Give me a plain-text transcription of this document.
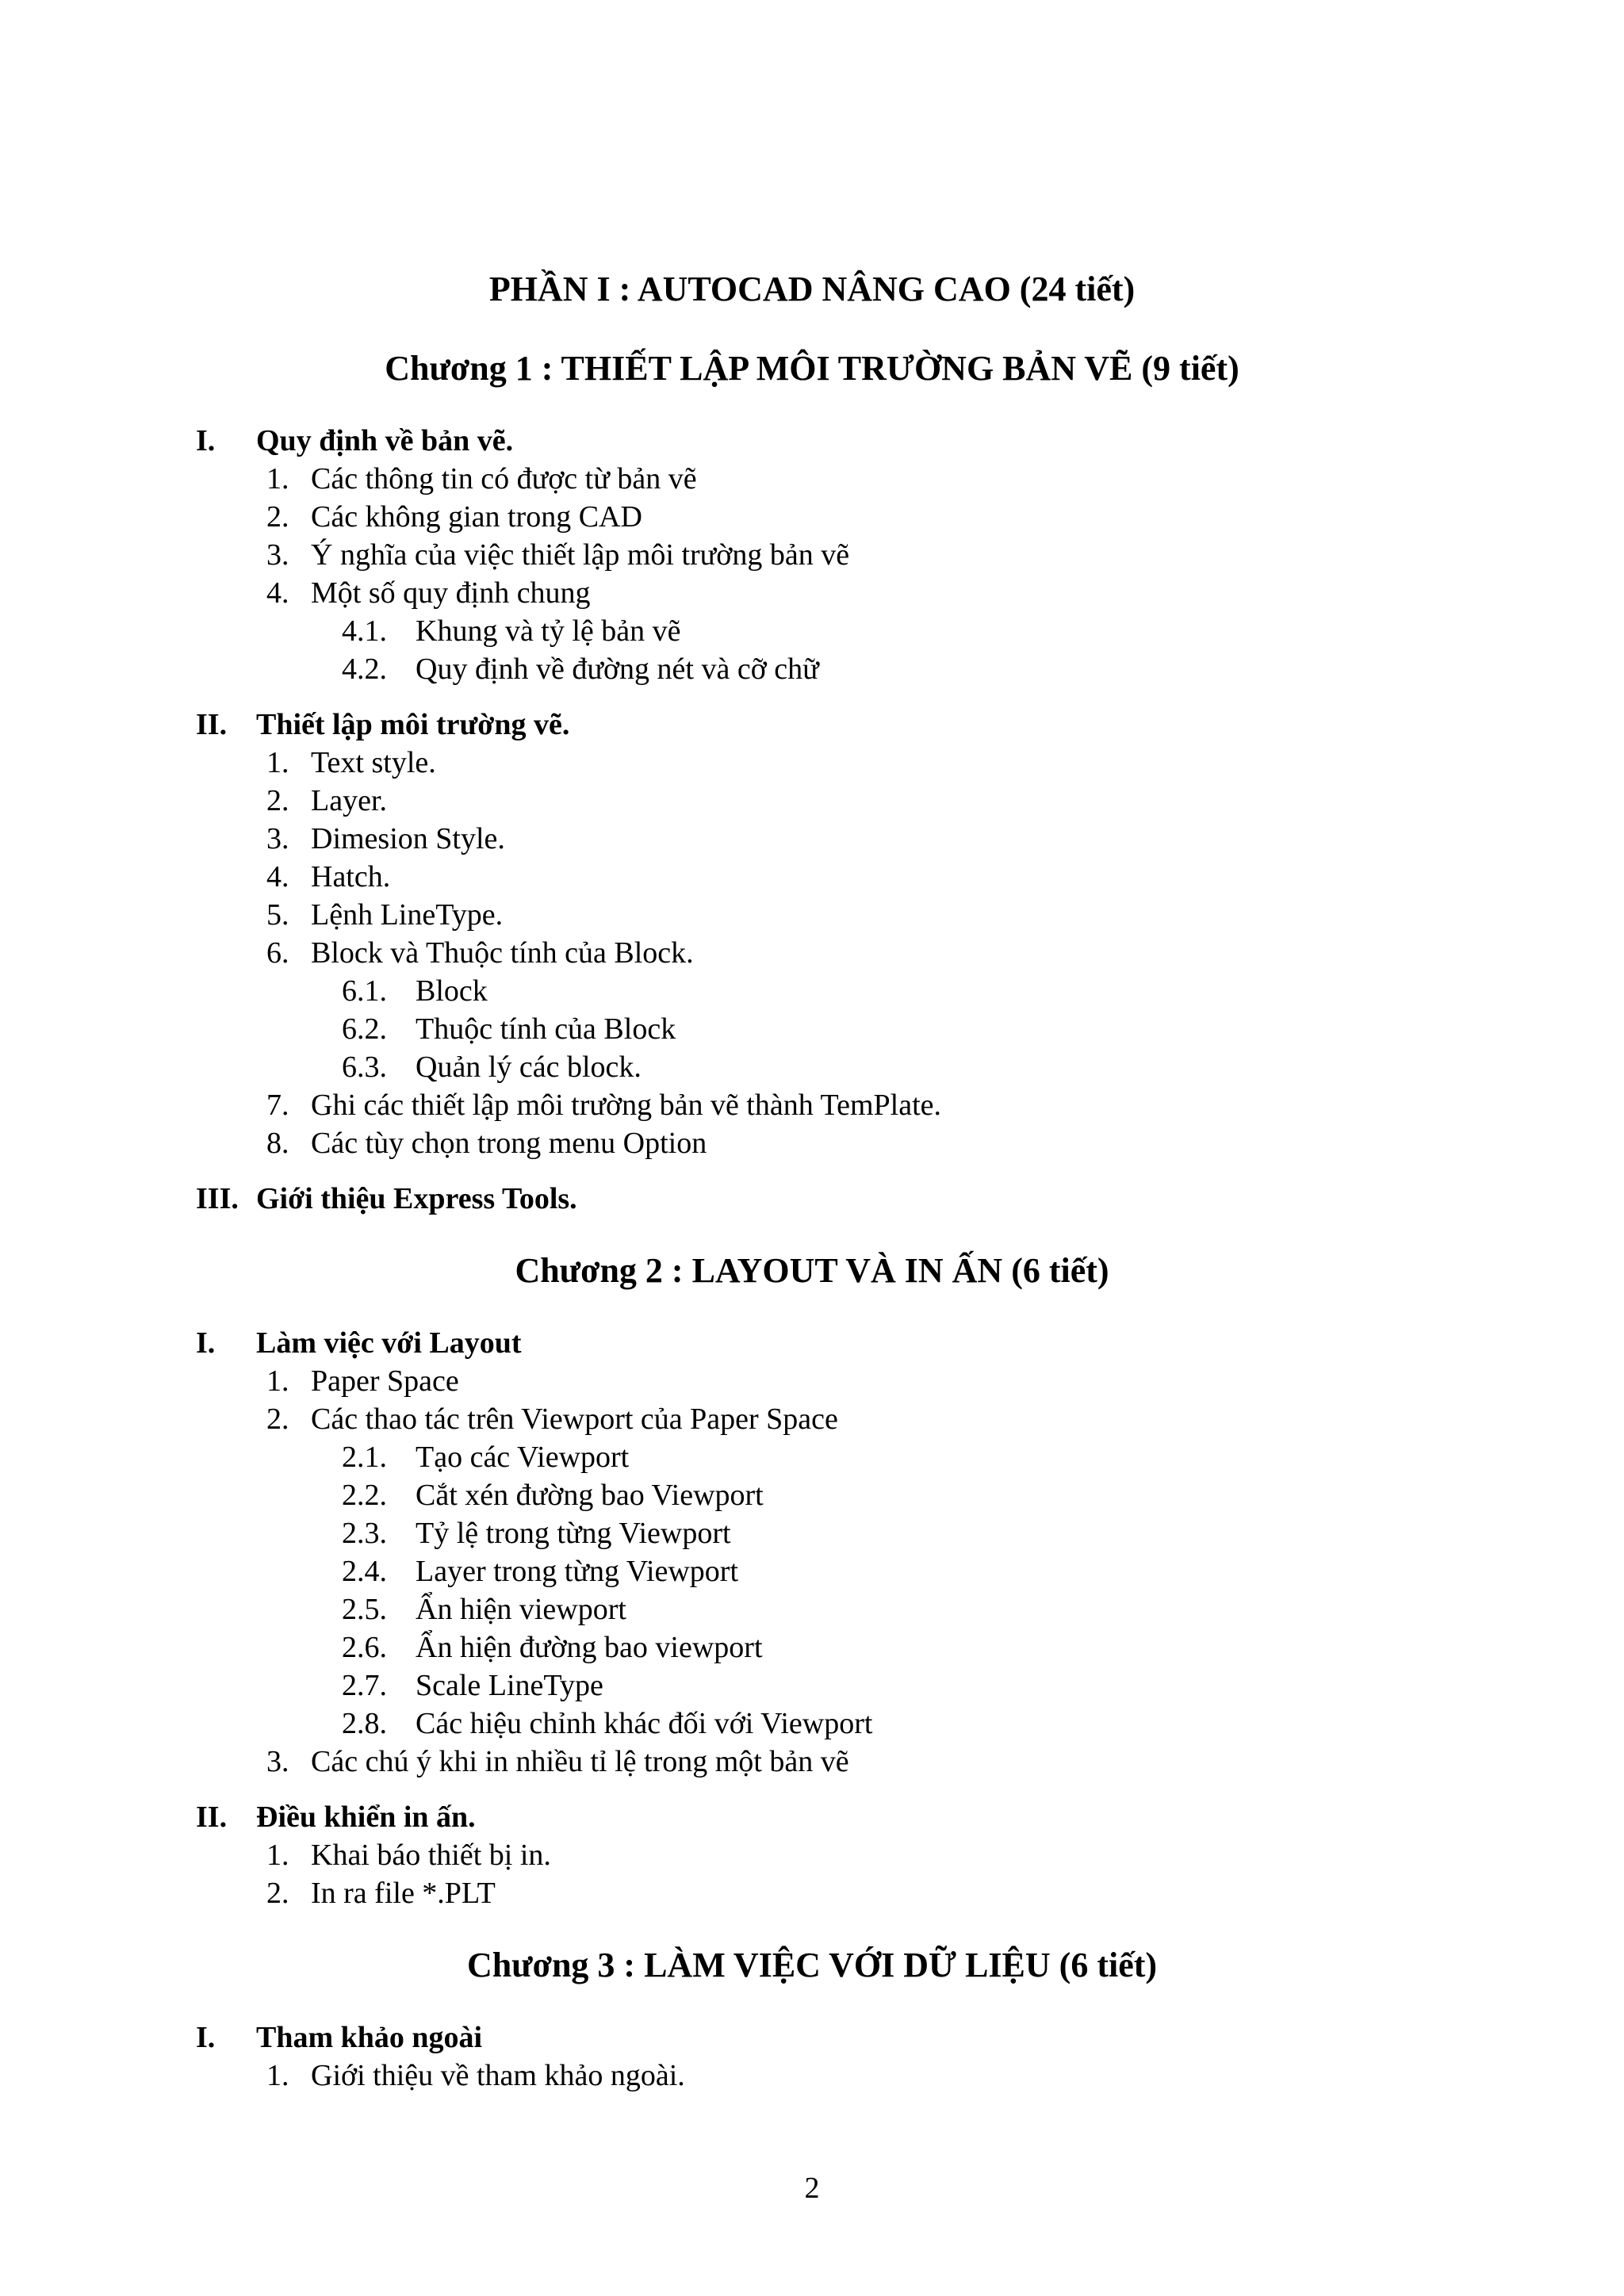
PHẦN I : AUTOCAD NÂNG CAO (24 tiết)
Chương 1 : THIẾT LẬP MÔI TRƯỜNG BẢN VẼ (9 tiết)
I. Quy định về bản vẽ.
1. Các thông tin có được từ bản vẽ
2. Các không gian trong CAD
3. Ý nghĩa của việc thiết lập môi trường bản vẽ
4. Một số quy định chung
4.1. Khung và tỷ lệ bản vẽ
4.2. Quy định về đường nét và cỡ chữ
II. Thiết lập môi trường vẽ.
1. Text style.
2. Layer.
3. Dimesion Style.
4. Hatch.
5. Lệnh LineType.
6. Block và Thuộc tính của Block.
6.1. Block
6.2. Thuộc tính của Block
6.3. Quản lý các block.
7. Ghi các thiết lập môi trường bản vẽ thành TemPlate.
8. Các tùy chọn trong menu Option
III. Giới thiệu Express Tools.
Chương 2 : LAYOUT VÀ IN ẤN (6 tiết)
I. Làm việc với Layout
1. Paper Space
2. Các thao tác trên Viewport của Paper Space
2.1. Tạo các Viewport
2.2. Cắt xén đường bao Viewport
2.3. Tỷ lệ trong từng Viewport
2.4. Layer trong từng Viewport
2.5. Ẩn hiện viewport
2.6. Ẩn hiện đường bao viewport
2.7. Scale LineType
2.8. Các hiệu chỉnh khác đối với Viewport
3. Các chú ý khi in nhiều tỉ lệ trong một bản vẽ
II. Điều khiển in ấn.
1. Khai báo thiết bị in.
2. In ra file *.PLT
Chương 3 : LÀM VIỆC VỚI DỮ LIỆU (6 tiết)
I. Tham khảo ngoài
1. Giới thiệu về tham khảo ngoài.
2
